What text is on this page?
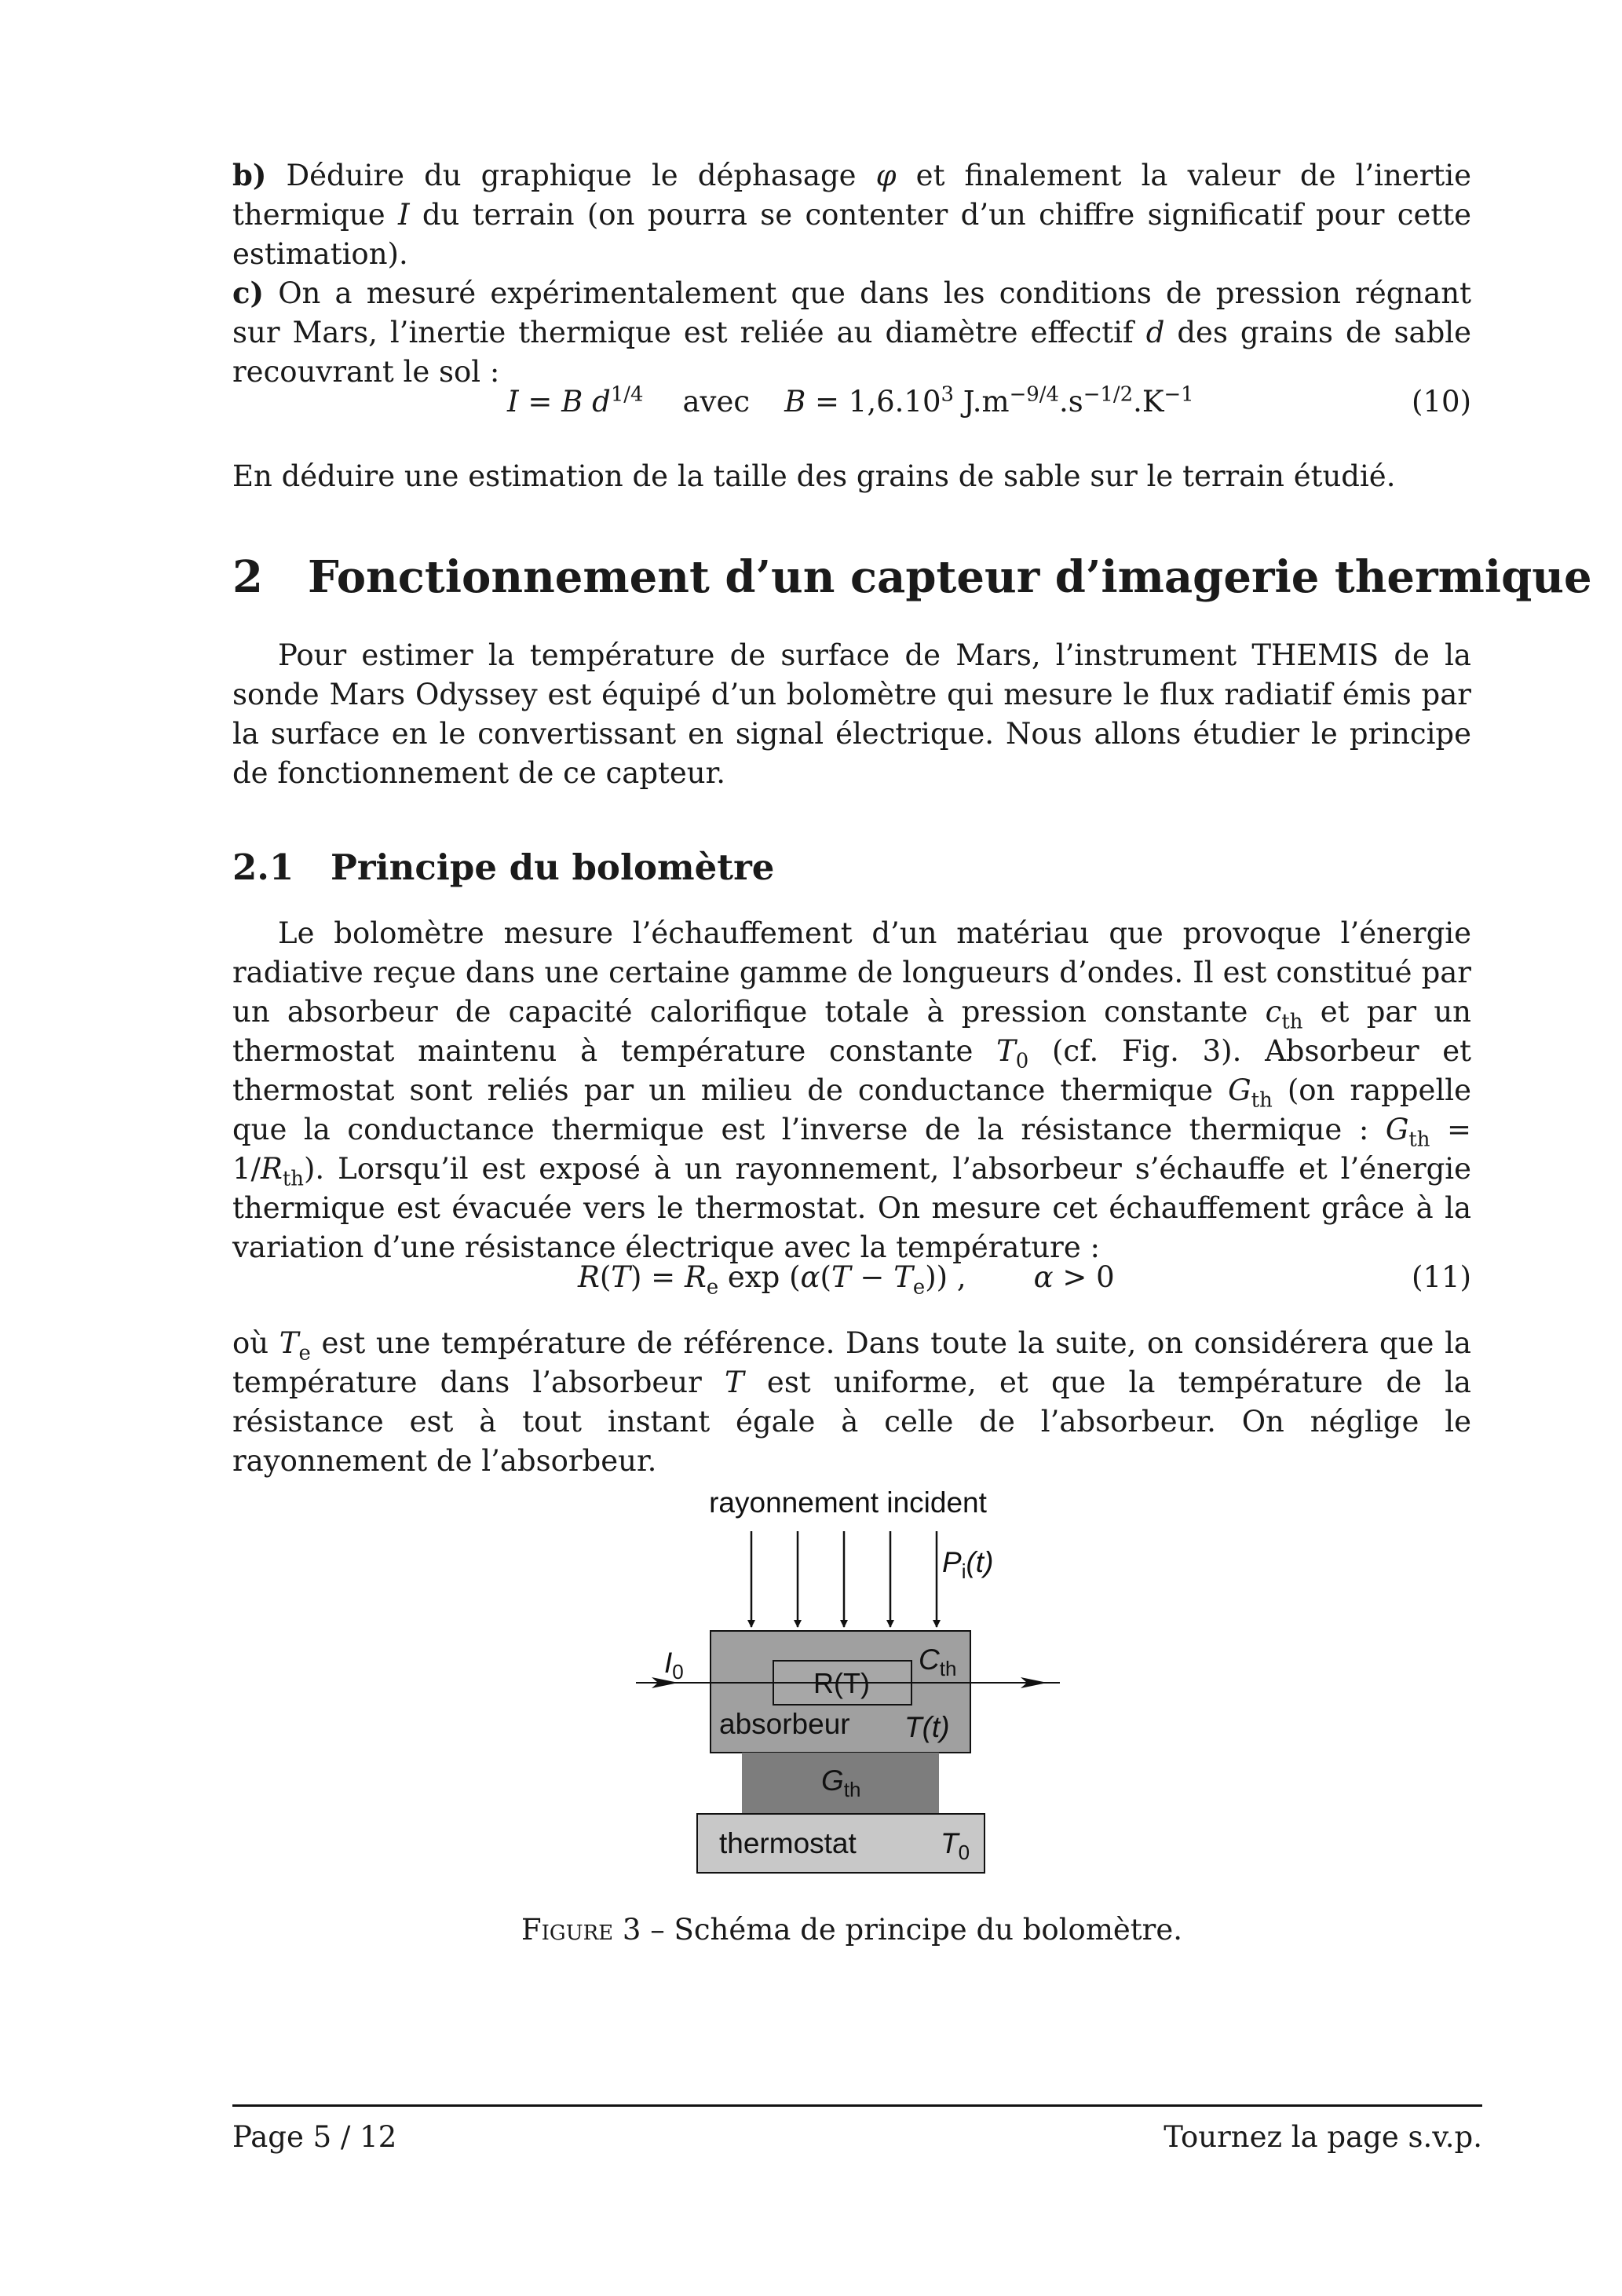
b) Déduire du graphique le déphasage φ et finalement la valeur de l’inertie thermique I du terrain (on pourra se contenter d’un chiffre significatif pour cette estimation).

c) On a mesuré expérimentalement que dans les conditions de pression régnant sur Mars, l’inertie thermique est reliée au diamètre effectif d des grains de sable recouvrant le sol :

I = B $d^{1/4}$ avec $B = 1,6.10^3$ $J.m^{-9/4}.s^{-1/2}.K^{-1}$	(10)

En déduire une estimation de la taille des grains de sable sur le terrain étudié.

2 Fonctionnement d’un capteur d’imagerie thermique

Pour estimer la température de surface de Mars, l’instrument THEMIS de la sonde Mars Odyssey est équipé d’un bolomètre qui mesure le flux radiatif émis par la surface en le convertissant en signal électrique. Nous allons étudier le principe de fonctionnement de ce capteur.

2.1 Principe du bolomètre

Le bolomètre mesure l’échauffement d’un matériau que provoque l’énergie radiative reçue dans une certaine gamme de longueurs d’ondes. Il est constitué par un absorbeur de capacité calorifique totale à pression constante $c_{th}$ et par un thermostat maintenu à température constante $T_0$ (cf. Fig. 3). Absorbeur et thermostat sont reliés par un milieu de conductance thermique $G_{th}$ (on rappelle que la conductance thermique est l’inverse de la résistance thermique : $G_{th} = 1/R_{th}$). Lorsqu’il est exposé à un rayonnement, l’absorbeur s’échauffe et l’énergie thermique est évacuée vers le thermostat. On mesure cet échauffement grâce à la variation d’une résistance électrique avec la température :

$R(T) = R_e$ $\exp (\alpha(T - T_e))$ , α > 0	(11)

où $T_e$ est une température de référence. Dans toute la suite, on considérera que la température dans l’absorbeur T est uniforme, et que la température de la résistance est à tout instant égale à celle de l’absorbeur. On néglige le rayonnement de l’absorbeur.

rayonnement incident
$P_i(t)$
R(T)
$I_0$	$C_{th}$
absorbeur T(t)
$G_{th}$
thermostat	$T_0$
Figure 3 – Schéma de principe du bolomètre.
Page 5 / 12	Tournez la page s.v.p.
